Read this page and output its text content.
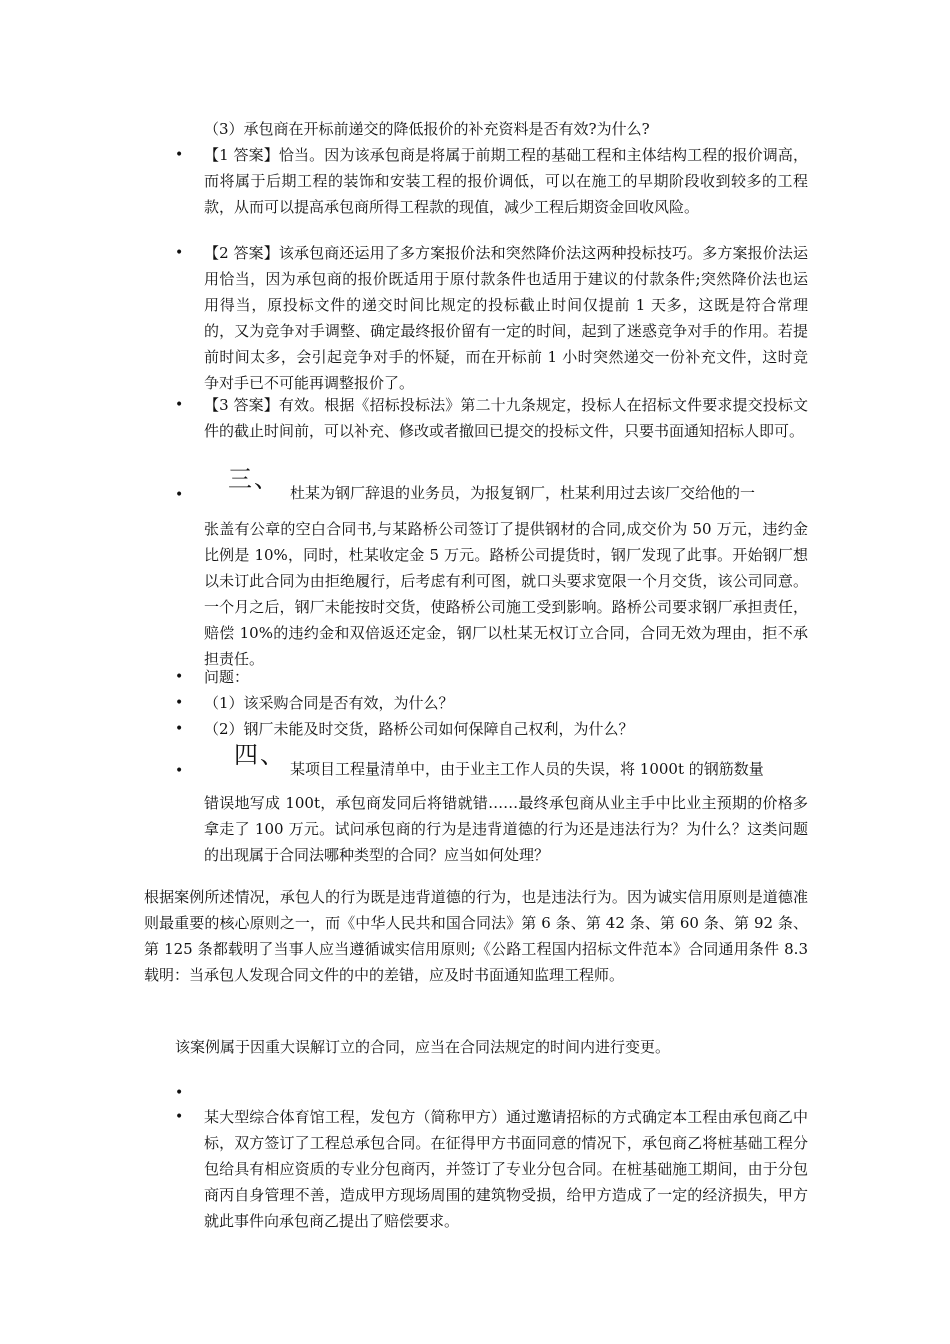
（3）承包商在开标前递交的降低报价的补充资料是否有效?为什么?

• 【1 答案】恰当。因为该承包商是将属于前期工程的基础工程和主体结构工程的报价调高，而将属于后期工程的装饰和安装工程的报价调低，可以在施工的早期阶段收到较多的工程款，从而可以提高承包商所得工程款的现值，减少工程后期资金回收风险。

• 【2 答案】该承包商还运用了多方案报价法和突然降价法这两种投标技巧。多方案报价法运用恰当，因为承包商的报价既适用于原付款条件也适用于建议的付款条件;突然降价法也运用得当，原投标文件的递交时间比规定的投标截止时间仅提前 1 天多，这既是符合常理的，又为竞争对手调整、确定最终报价留有一定的时间，起到了迷惑竞争对手的作用。若提前时间太多，会引起竞争对手的怀疑，而在开标前 1 小时突然递交一份补充文件，这时竞争对手已不可能再调整报价了。

• 【3 答案】有效。根据《招标投标法》第二十九条规定，投标人在招标文件要求提交投标文件的截止时间前，可以补充、修改或者撤回已提交的投标文件，只要书面通知招标人即可。

•
三、 杜某为钢厂辞退的业务员，为报复钢厂，杜某利用过去该厂交给他的一

张盖有公章的空白合同书,与某路桥公司签订了提供钢材的合同,成交价为 50 万元，违约金比例是 10%，同时，杜某收定金 5 万元。路桥公司提货时，钢厂发现了此事。开始钢厂想以未订此合同为由拒绝履行，后考虑有利可图，就口头要求宽限一个月交货，该公司同意。一个月之后，钢厂未能按时交货，使路桥公司施工受到影响。路桥公司要求钢厂承担责任，赔偿 10%的违约金和双倍返还定金，钢厂以杜某无权订立合同，合同无效为理由，拒不承担责任。

• 问题：
• （1）该采购合同是否有效，为什么？
• （2）钢厂未能及时交货，路桥公司如何保障自己权利，为什么？
•
四、 某项目工程量清单中，由于业主工作人员的失误，将 1000t 的钢筋数量

错误地写成 100t，承包商发同后将错就错……最终承包商从业主手中比业主预期的价格多拿走了 100 万元。试问承包商的行为是违背道德的行为还是违法行为？为什么？这类问题的出现属于合同法哪种类型的合同？应当如何处理？

根据案例所述情况，承包人的行为既是违背道德的行为，也是违法行为。因为诚实信用原则是道德准则最重要的核心原则之一，而《中华人民共和国合同法》第 6 条、第 42 条、第 60 条、第 92 条、第 125 条都载明了当事人应当遵循诚实信用原则;《公路工程国内招标文件范本》合同通用条件 8.3 载明：当承包人发现合同文件的中的差错，应及时书面通知监理工程师。

该案例属于因重大误解订立的合同，应当在合同法规定的时间内进行变更。

•
• 某大型综合体育馆工程，发包方（简称甲方）通过邀请招标的方式确定本工程由承包商乙中标，双方签订了工程总承包合同。在征得甲方书面同意的情况下，承包商乙将桩基础工程分包给具有相应资质的专业分包商丙，并签订了专业分包合同。在桩基础施工期间，由于分包商丙自身管理不善，造成甲方现场周围的建筑物受损，给甲方造成了一定的经济损失，甲方就此事件向承包商乙提出了赔偿要求。
